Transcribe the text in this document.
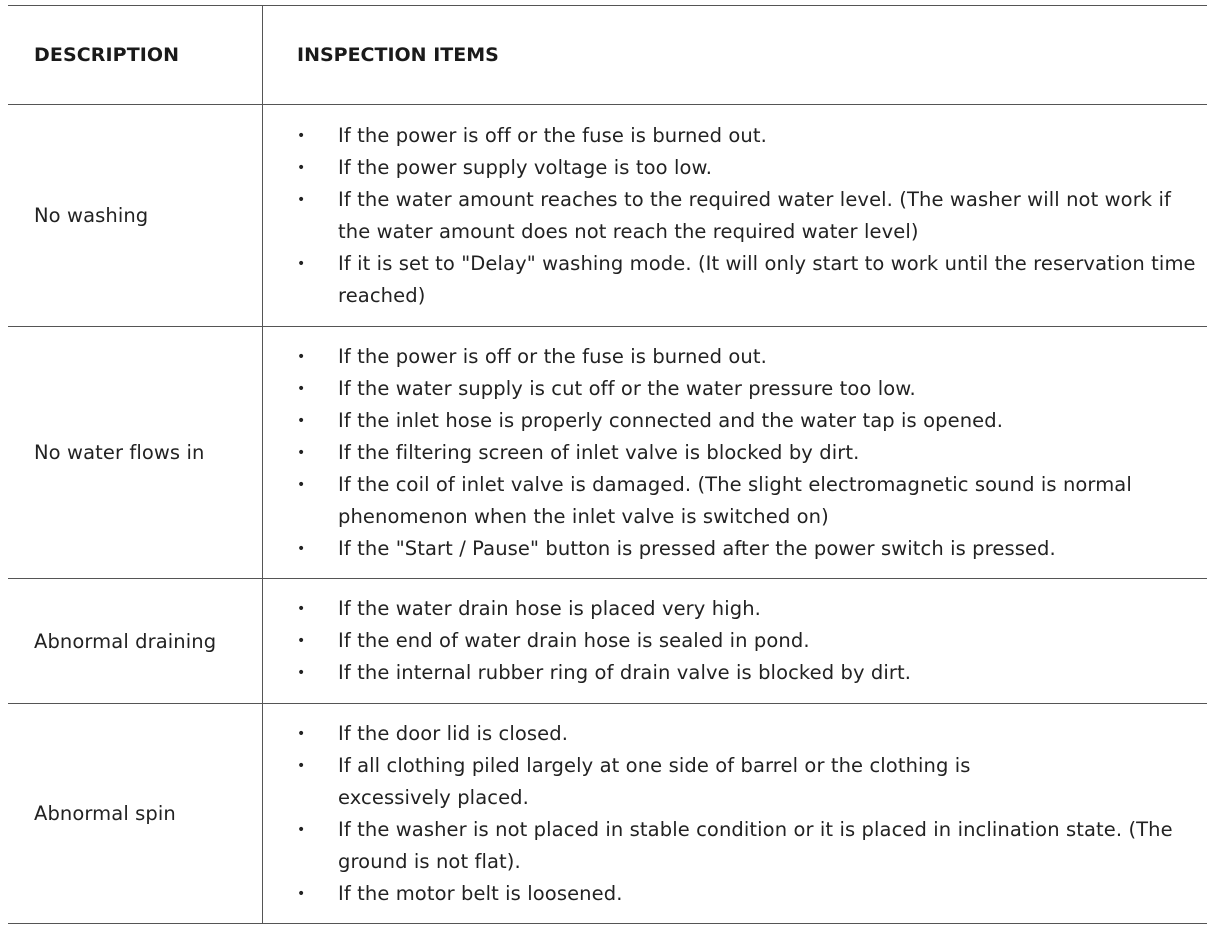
DESCRIPTION	INSPECTION ITEMS
No washing
• If the power is off or the fuse is burned out.
• If the power supply voltage is too low.
• If the water amount reaches to the required water level. (The washer will not work if the water amount does not reach the required water level)
• If it is set to "Delay" washing mode. (It will only start to work until the reservation time reached)
No water flows in
• If the power is off or the fuse is burned out.
• If the water supply is cut off or the water pressure too low.
• If the inlet hose is properly connected and the water tap is opened.
• If the filtering screen of inlet valve is blocked by dirt.
• If the coil of inlet valve is damaged. (The slight electromagnetic sound is normal phenomenon when the inlet valve is switched on)
• If the "Start / Pause" button is pressed after the power switch is pressed.
Abnormal draining
• If the water drain hose is placed very high.
• If the end of water drain hose is sealed in pond.
• If the internal rubber ring of drain valve is blocked by dirt.
Abnormal spin
• If the door lid is closed.
• If all clothing piled largely at one side of barrel or the clothing is excessively placed.
• If the washer is not placed in stable condition or it is placed in inclination state. (The ground is not flat).
• If the motor belt is loosened.
